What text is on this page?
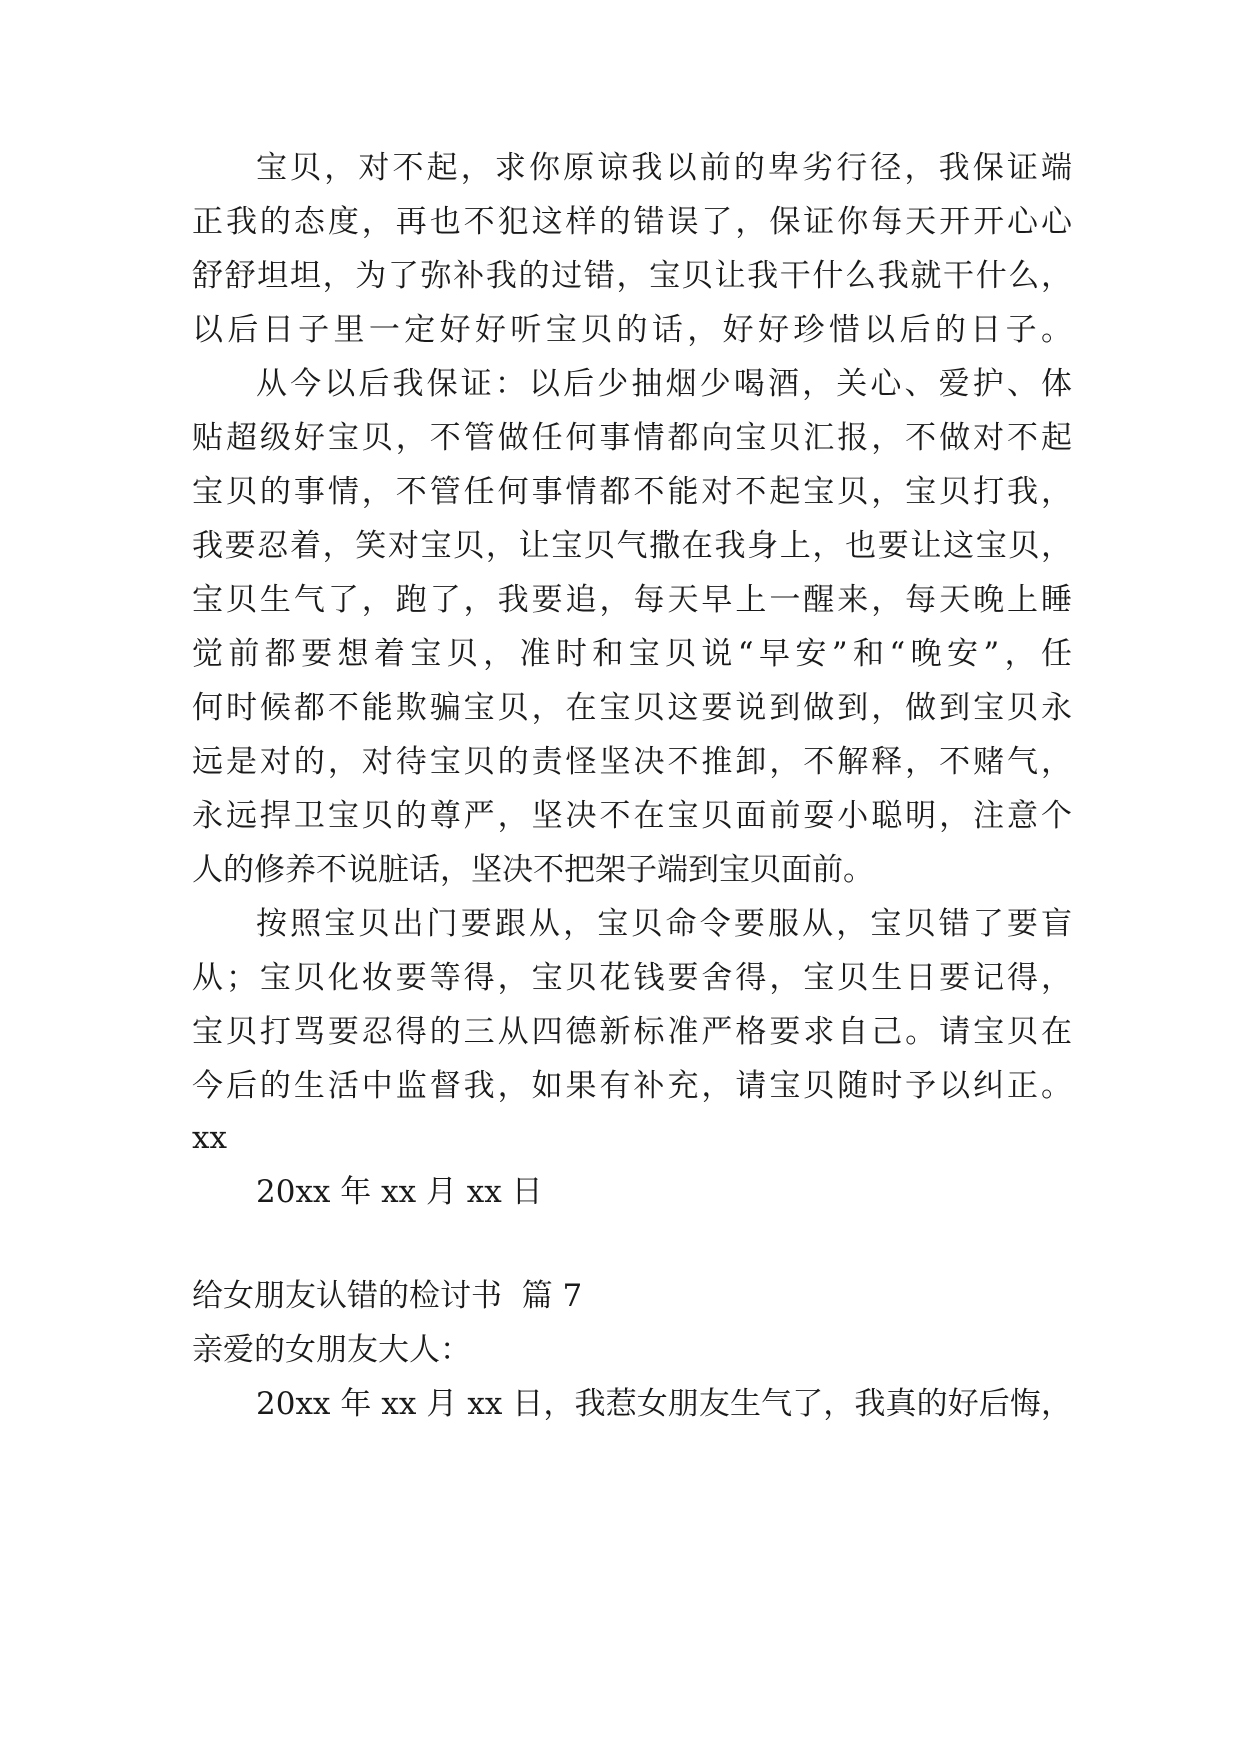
宝贝，对不起，求你原谅我以前的卑劣行径，我保证端
正我的态度，再也不犯这样的错误了，保证你每天开开心心
舒舒坦坦，为了弥补我的过错，宝贝让我干什么我就干什么，
以后日子里一定好好听宝贝的话，好好珍惜以后的日子。
从今以后我保证：以后少抽烟少喝酒，关心、爱护、体
贴超级好宝贝，不管做任何事情都向宝贝汇报，不做对不起
宝贝的事情，不管任何事情都不能对不起宝贝，宝贝打我，
我要忍着，笑对宝贝，让宝贝气撒在我身上，也要让这宝贝，
宝贝生气了，跑了，我要追，每天早上一醒来，每天晚上睡
觉前都要想着宝贝，准时和宝贝说“早安”和“晚安”，任
何时候都不能欺骗宝贝，在宝贝这要说到做到，做到宝贝永
远是对的，对待宝贝的责怪坚决不推卸，不解释，不赌气，
永远捍卫宝贝的尊严，坚决不在宝贝面前耍小聪明，注意个
人的修养不说脏话，坚决不把架子端到宝贝面前。
按照宝贝出门要跟从，宝贝命令要服从，宝贝错了要盲
从；宝贝化妆要等得，宝贝花钱要舍得，宝贝生日要记得，
宝贝打骂要忍得的三从四德新标准严格要求自己。请宝贝在
今后的生活中监督我，如果有补充，请宝贝随时予以纠正。
xx
20xx 年 xx 月 xx 日
给女朋友认错的检讨书  篇 7
亲爱的女朋友大人：
20xx 年 xx 月 xx 日，我惹女朋友生气了，我真的好后悔，
